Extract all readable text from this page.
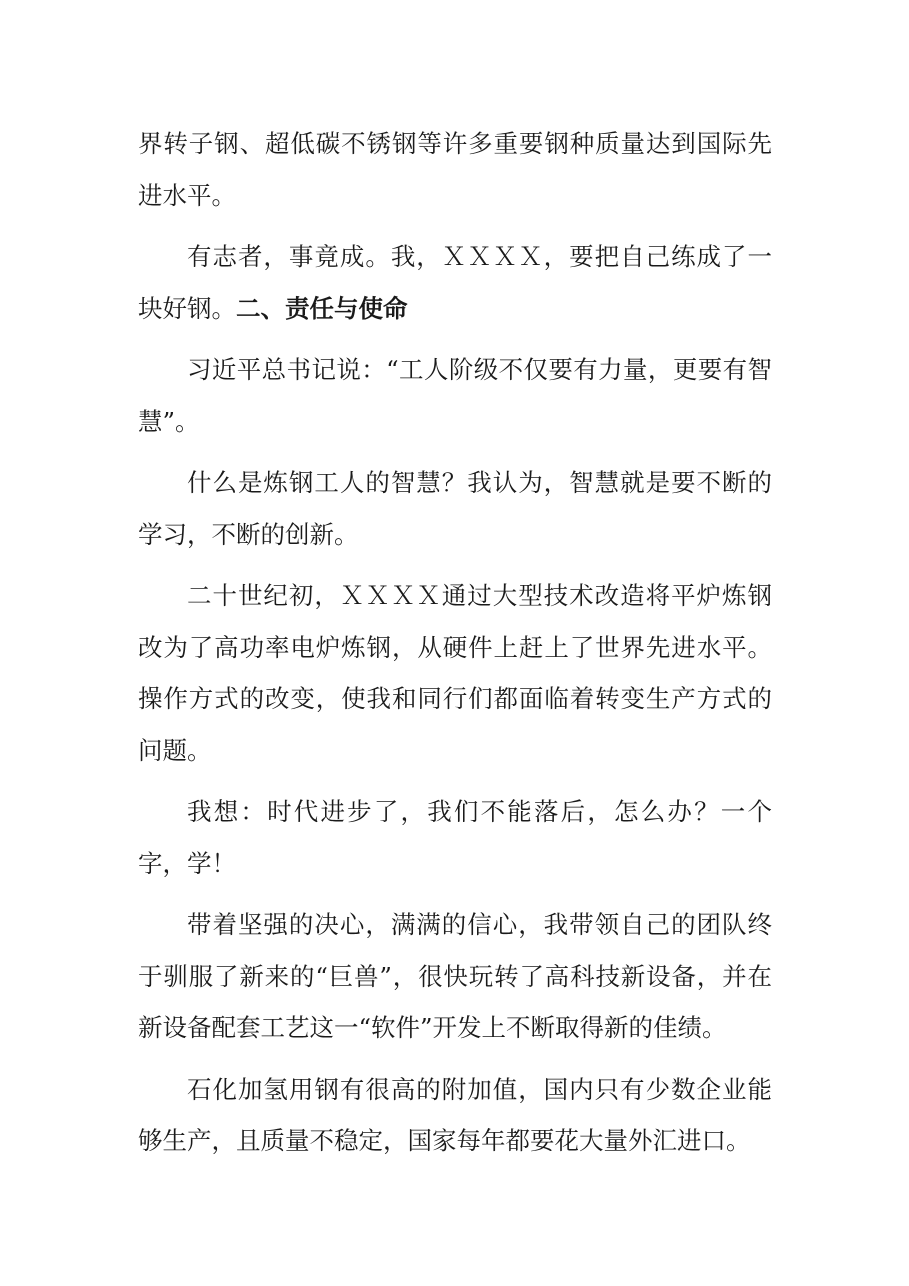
界转子钢、超低碳不锈钢等许多重要钢种质量达到国际先进水平。

有志者，事竟成。我，ＸＸＸＸ，要把自己练成了一块好钢。二、责任与使命

习近平总书记说：“工人阶级不仅要有力量，更要有智慧”。

什么是炼钢工人的智慧？我认为，智慧就是要不断的学习，不断的创新。

二十世纪初，ＸＸＸＸ通过大型技术改造将平炉炼钢改为了高功率电炉炼钢，从硬件上赶上了世界先进水平。操作方式的改变，使我和同行们都面临着转变生产方式的问题。

我想：时代进步了，我们不能落后，怎么办？一个字，学！

带着坚强的决心，满满的信心，我带领自己的团队终于驯服了新来的“巨兽”，很快玩转了高科技新设备，并在新设备配套工艺这一“软件”开发上不断取得新的佳绩。

石化加氢用钢有很高的附加值，国内只有少数企业能够生产，且质量不稳定，国家每年都要花大量外汇进口。
